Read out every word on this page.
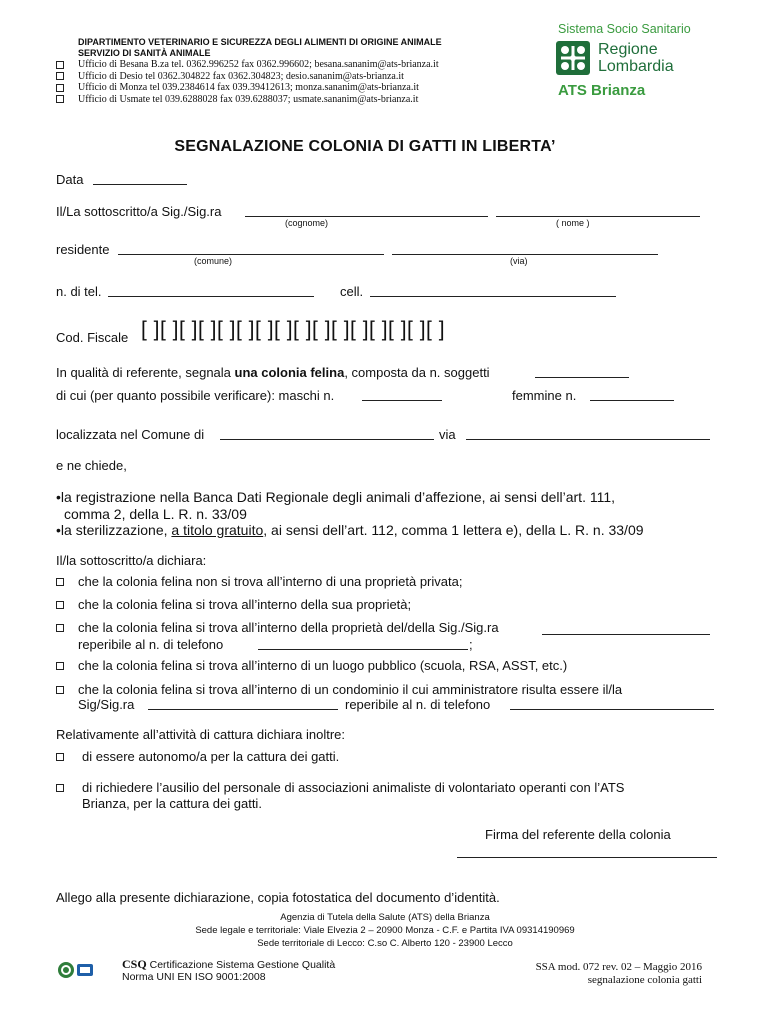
DIPARTIMENTO VETERINARIO E SICUREZZA DEGLI ALIMENTI DI ORIGINE ANIMALE
SERVIZIO DI SANITÀ ANIMALE
Ufficio di Besana B.za tel. 0362.996252 fax 0362.996602; besana.sananim@ats-brianza.it
Ufficio di Desio tel 0362.304822 fax 0362.304823; desio.sananim@ats-brianza.it
Ufficio di Monza tel 039.2384614 fax 039.39412613; monza.sananim@ats-brianza.it
Ufficio di Usmate tel 039.6288028 fax 039.6288037; usmate.sananim@ats-brianza.it
Sistema Socio Sanitario
Regione
Lombardia
ATS Brianza
SEGNALAZIONE COLONIA DI GATTI IN LIBERTA’
Data
Il/La sottoscritto/a Sig./Sig.ra
(cognome)	( nome )
residente
(comune)	(via)
n. di tel.	cell.
Cod. Fiscale [ ][ ][ ][ ][ ][ ][ ][ ][ ][ ][ ][ ][ ][ ][ ][ ]
In qualità di referente, segnala una colonia felina, composta da n. soggetti
di cui (per quanto possibile verificare): maschi n.	femmine n.
localizzata nel Comune di	via
e ne chiede,
•la registrazione nella Banca Dati Regionale degli animali d’affezione, ai sensi dell’art. 111,
comma 2, della L. R. n. 33/09
•la sterilizzazione, a titolo gratuito, ai sensi dell’art. 112, comma 1 lettera e), della L. R. n. 33/09
Il/la sottoscritto/a dichiara:
che la colonia felina non si trova all’interno di una proprietà privata;
che la colonia felina si trova all’interno della sua proprietà;
che la colonia felina si trova all’interno della proprietà del/della Sig./Sig.ra
reperibile al n. di telefono	;
che la colonia felina si trova all’interno di un luogo pubblico (scuola, RSA, ASST, etc.)
che la colonia felina si trova all’interno di un condominio il cui amministratore risulta essere il/la
Sig/Sig.ra	reperibile al n. di telefono
Relativamente all’attività di cattura dichiara inoltre:
di essere autonomo/a per la cattura dei gatti.
di richiedere l’ausilio del personale di associazioni animaliste di volontariato operanti con l’ATS
Brianza, per la cattura dei gatti.
Firma del referente della colonia
Allego alla presente dichiarazione, copia fotostatica del documento d’identità.
Agenzia di Tutela della Salute (ATS) della Brianza
Sede legale e territoriale: Viale Elvezia 2 – 20900 Monza - C.F. e Partita IVA 09314190969
Sede territoriale di Lecco: C.so C. Alberto 120 - 23900 Lecco
CSQ Certificazione Sistema Gestione Qualità
Norma UNI EN ISO 9001:2008
SSA mod. 072 rev. 02 – Maggio 2016
segnalazione colonia gatti
